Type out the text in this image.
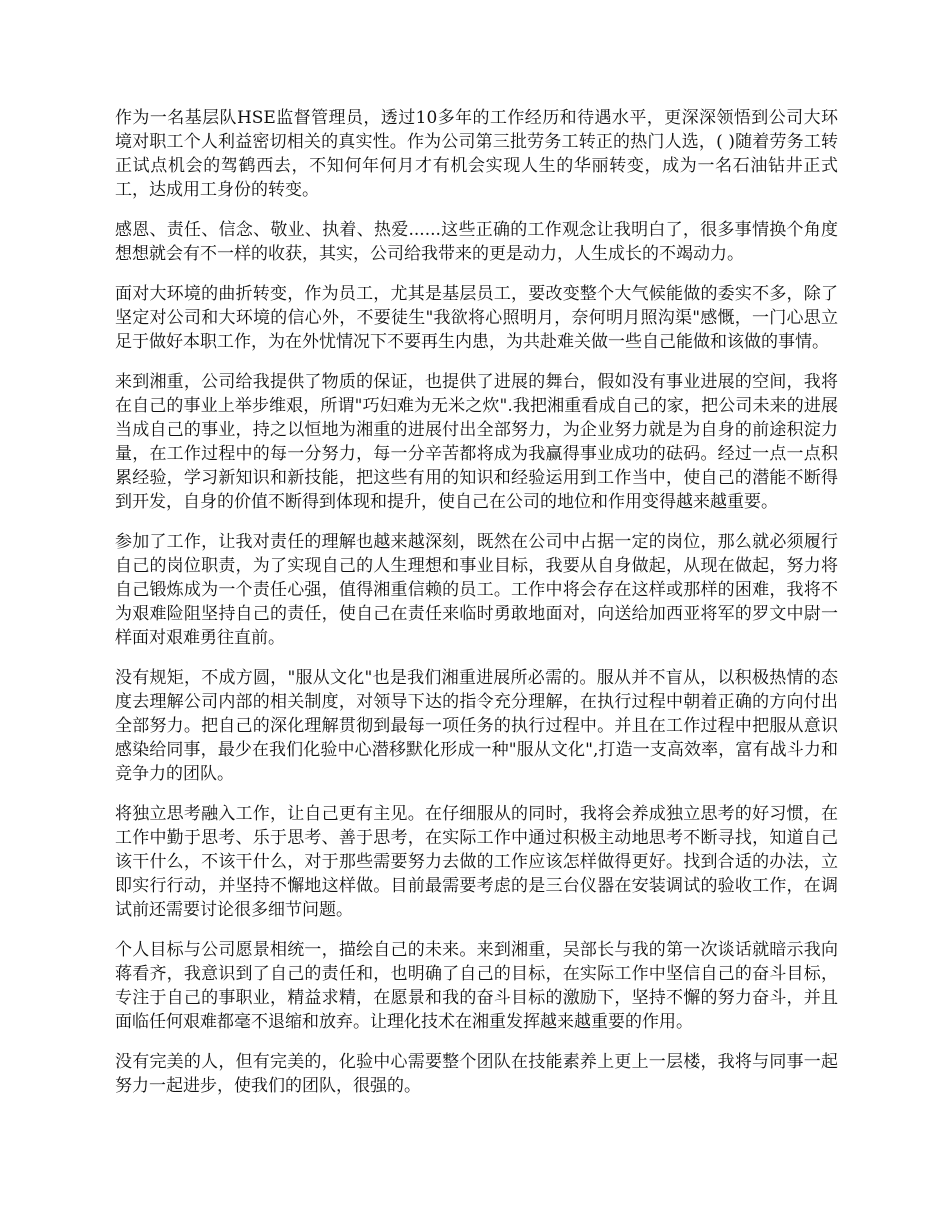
作为一名基层队HSE监督管理员，透过10多年的工作经历和待遇水平，更深深领悟到公司大环境对职工个人利益密切相关的真实性。作为公司第三批劳务工转正的热门人选，( )随着劳务工转正试点机会的驾鹤西去，不知何年何月才有机会实现人生的华丽转变，成为一名石油钻井正式工，达成用工身份的转变。

感恩、责任、信念、敬业、执着、热爱......这些正确的工作观念让我明白了，很多事情换个角度想想就会有不一样的收获，其实，公司给我带来的更是动力，人生成长的不竭动力。

面对大环境的曲折转变，作为员工，尤其是基层员工，要改变整个大气候能做的委实不多，除了坚定对公司和大环境的信心外，不要徒生"我欲将心照明月，奈何明月照沟渠"感慨，一门心思立足于做好本职工作，为在外忧情况下不要再生内患，为共赴难关做一些自己能做和该做的事情。

来到湘重，公司给我提供了物质的保证，也提供了进展的舞台，假如没有事业进展的空间，我将在自己的事业上举步维艰，所谓"巧妇难为无米之炊".我把湘重看成自己的家，把公司未来的进展当成自己的事业，持之以恒地为湘重的进展付出全部努力，为企业努力就是为自身的前途积淀力量，在工作过程中的每一分努力，每一分辛苦都将成为我赢得事业成功的砝码。经过一点一点积累经验，学习新知识和新技能，把这些有用的知识和经验运用到工作当中，使自己的潜能不断得到开发，自身的价值不断得到体现和提升，使自己在公司的地位和作用变得越来越重要。

参加了工作，让我对责任的理解也越来越深刻，既然在公司中占据一定的岗位，那么就必须履行自己的岗位职责，为了实现自己的人生理想和事业目标，我要从自身做起，从现在做起，努力将自己锻炼成为一个责任心强，值得湘重信赖的员工。工作中将会存在这样或那样的困难，我将不为艰难险阻坚持自己的责任，使自己在责任来临时勇敢地面对，向送给加西亚将军的罗文中尉一样面对艰难勇往直前。

没有规矩，不成方圆，"服从文化"也是我们湘重进展所必需的。服从并不盲从，以积极热情的态度去理解公司内部的相关制度，对领导下达的指令充分理解，在执行过程中朝着正确的方向付出全部努力。把自己的深化理解贯彻到最每一项任务的执行过程中。并且在工作过程中把服从意识感染给同事，最少在我们化验中心潜移默化形成一种"服从文化",打造一支高效率，富有战斗力和竞争力的团队。

将独立思考融入工作，让自己更有主见。在仔细服从的同时，我将会养成独立思考的好习惯，在工作中勤于思考、乐于思考、善于思考，在实际工作中通过积极主动地思考不断寻找，知道自己该干什么，不该干什么，对于那些需要努力去做的工作应该怎样做得更好。找到合适的办法，立即实行行动，并坚持不懈地这样做。目前最需要考虑的是三台仪器在安装调试的验收工作，在调试前还需要讨论很多细节问题。

个人目标与公司愿景相统一，描绘自己的未来。来到湘重，吴部长与我的第一次谈话就暗示我向蒋看齐，我意识到了自己的责任和，也明确了自己的目标，在实际工作中坚信自己的奋斗目标，专注于自己的事职业，精益求精，在愿景和我的奋斗目标的激励下，坚持不懈的努力奋斗，并且面临任何艰难都毫不退缩和放弃。让理化技术在湘重发挥越来越重要的作用。

没有完美的人，但有完美的，化验中心需要整个团队在技能素养上更上一层楼，我将与同事一起努力一起进步，使我们的团队，很强的。
